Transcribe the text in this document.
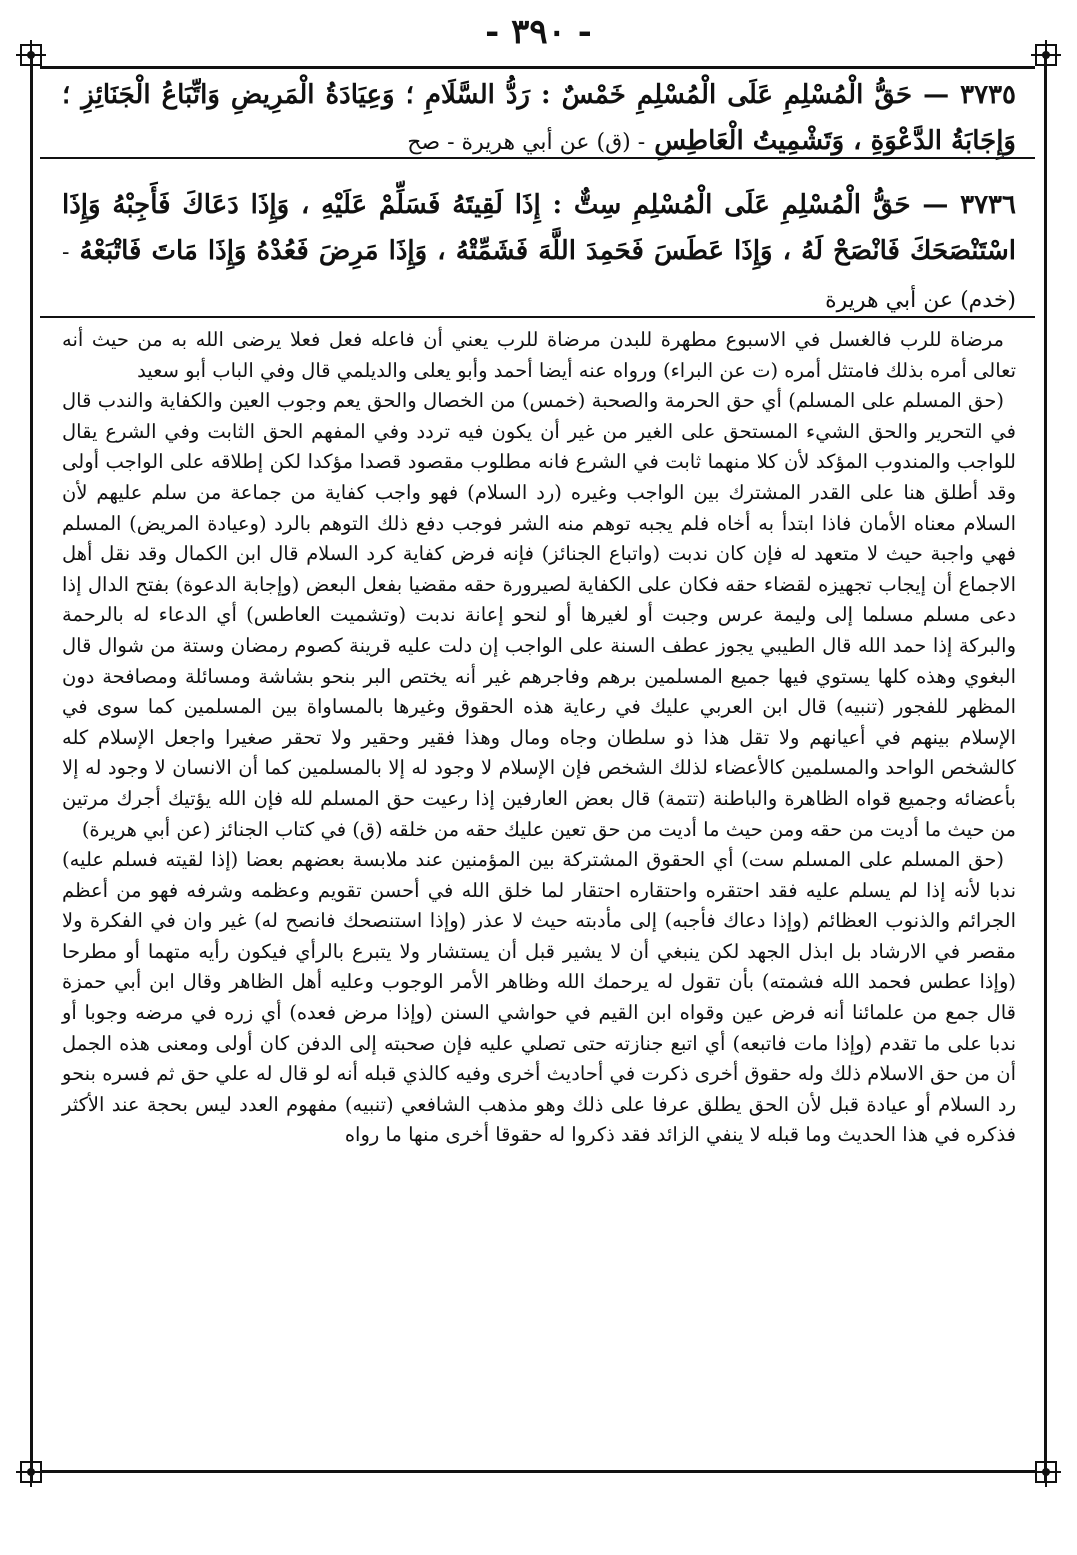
- ٣٩٠ -

٣٧٣٥ — حَقُّ الْمُسْلِمِ عَلَى الْمُسْلِمِ خَمْسٌ : رَدُّ السَّلَامِ ؛ وَعِيَادَةُ الْمَرِيضِ وَاتِّبَاعُ الْجَنَائِزِ ؛ وَإِجَابَةُ الدَّعْوَةِ ، وَتَشْمِيتُ الْعَاطِسِ - (ق) عن أبي هريرة - صح

٣٧٣٦ — حَقُّ الْمُسْلِمِ عَلَى الْمُسْلِمِ سِتٌّ : إِذَا لَقِيتَهُ فَسَلِّمْ عَلَيْهِ ، وَإِذَا دَعَاكَ فَأَجِبْهُ وَإِذَا اسْتَنْصَحَكَ فَانْصَحْ لَهُ ، وَإِذَا عَطَسَ فَحَمِدَ اللَّهَ فَشَمِّتْهُ ، وَإِذَا مَرِضَ فَعُدْهُ وَإِذَا مَاتَ فَاتْبَعْهُ - (خدم) عن أبي هريرة

مرضاة للرب فالغسل في الاسبوع مطهرة للبدن مرضاة للرب يعني أن فاعله فعل فعلا يرضى الله به من حيث أنه تعالى أمره بذلك فامتثل أمره (ت عن البراء) ورواه عنه أيضا أحمد وأبو يعلى والديلمي قال وفي الباب أبو سعيد

(حق المسلم على المسلم) أي حق الحرمة والصحبة (خمس) من الخصال والحق يعم وجوب العين والكفاية والندب قال في التحرير والحق الشيء المستحق على الغير من غير أن يكون فيه تردد وفي المفهم الحق الثابت وفي الشرع يقال للواجب والمندوب المؤكد لأن كلا منهما ثابت في الشرع فانه مطلوب مقصود قصدا مؤكدا لكن إطلاقه على الواجب أولى وقد أطلق هنا على القدر المشترك بين الواجب وغيره (رد السلام) فهو واجب كفاية من جماعة من سلم عليهم لأن السلام معناه الأمان فاذا ابتدأ به أخاه فلم يجبه توهم منه الشر فوجب دفع ذلك التوهم بالرد (وعيادة المريض) المسلم فهي واجبة حيث لا متعهد له فإن كان ندبت (واتباع الجنائز) فإنه فرض كفاية كرد السلام قال ابن الكمال وقد نقل أهل الاجماع أن إيجاب تجهيزه لقضاء حقه فكان على الكفاية لصيرورة حقه مقضيا بفعل البعض (وإجابة الدعوة) بفتح الدال إذا دعى مسلم مسلما إلى وليمة عرس وجبت أو لغيرها أو لنحو إعانة ندبت (وتشميت العاطس) أي الدعاء له بالرحمة والبركة إذا حمد الله قال الطيبي يجوز عطف السنة على الواجب إن دلت عليه قرينة كصوم رمضان وستة من شوال قال البغوي وهذه كلها يستوي فيها جميع المسلمين برهم وفاجرهم غير أنه يختص البر بنحو بشاشة ومسائلة ومصافحة دون المظهر للفجور (تنبيه) قال ابن العربي عليك في رعاية هذه الحقوق وغيرها بالمساواة بين المسلمين كما سوى في الإسلام بينهم في أعيانهم ولا تقل هذا ذو سلطان وجاه ومال وهذا فقير وحقير ولا تحقر صغيرا واجعل الإسلام كله كالشخص الواحد والمسلمين كالأعضاء لذلك الشخص فإن الإسلام لا وجود له إلا بالمسلمين كما أن الانسان لا وجود له إلا بأعضائه وجميع قواه الظاهرة والباطنة (تتمة) قال بعض العارفين إذا رعيت حق المسلم لله فإن الله يؤتيك أجرك مرتين من حيث ما أديت من حقه ومن حيث ما أديت من حق تعين عليك حقه من خلقه (ق) في كتاب الجنائز (عن أبي هريرة)

(حق المسلم على المسلم ست) أي الحقوق المشتركة بين المؤمنين عند ملابسة بعضهم بعضا (إذا لقيته فسلم عليه) ندبا لأنه إذا لم يسلم عليه فقد احتقره واحتقاره احتقار لما خلق الله في أحسن تقويم وعظمه وشرفه فهو من أعظم الجرائم والذنوب العظائم (وإذا دعاك فأجبه) إلى مأدبته حيث لا عذر (وإذا استنصحك فانصح له) غير وان في الفكرة ولا مقصر في الارشاد بل ابذل الجهد لكن ينبغي أن لا يشير قبل أن يستشار ولا يتبرع بالرأي فيكون رأيه متهما أو مطرحا (وإذا عطس فحمد الله فشمته) بأن تقول له يرحمك الله وظاهر الأمر الوجوب وعليه أهل الظاهر وقال ابن أبي حمزة قال جمع من علمائنا أنه فرض عين وقواه ابن القيم في حواشي السنن (وإذا مرض فعده) أي زره في مرضه وجوبا أو ندبا على ما تقدم (وإذا مات فاتبعه) أي اتبع جنازته حتى تصلي عليه فإن صحبته إلى الدفن كان أولى ومعنى هذه الجمل أن من حق الاسلام ذلك وله حقوق أخرى ذكرت في أحاديث أخرى وفيه كالذي قبله أنه لو قال له علي حق ثم فسره بنحو رد السلام أو عيادة قبل لأن الحق يطلق عرفا على ذلك وهو مذهب الشافعي (تنبيه) مفهوم العدد ليس بحجة عند الأكثر فذكره في هذا الحديث وما قبله لا ينفي الزائد فقد ذكروا له حقوقا أخرى منها ما رواه
